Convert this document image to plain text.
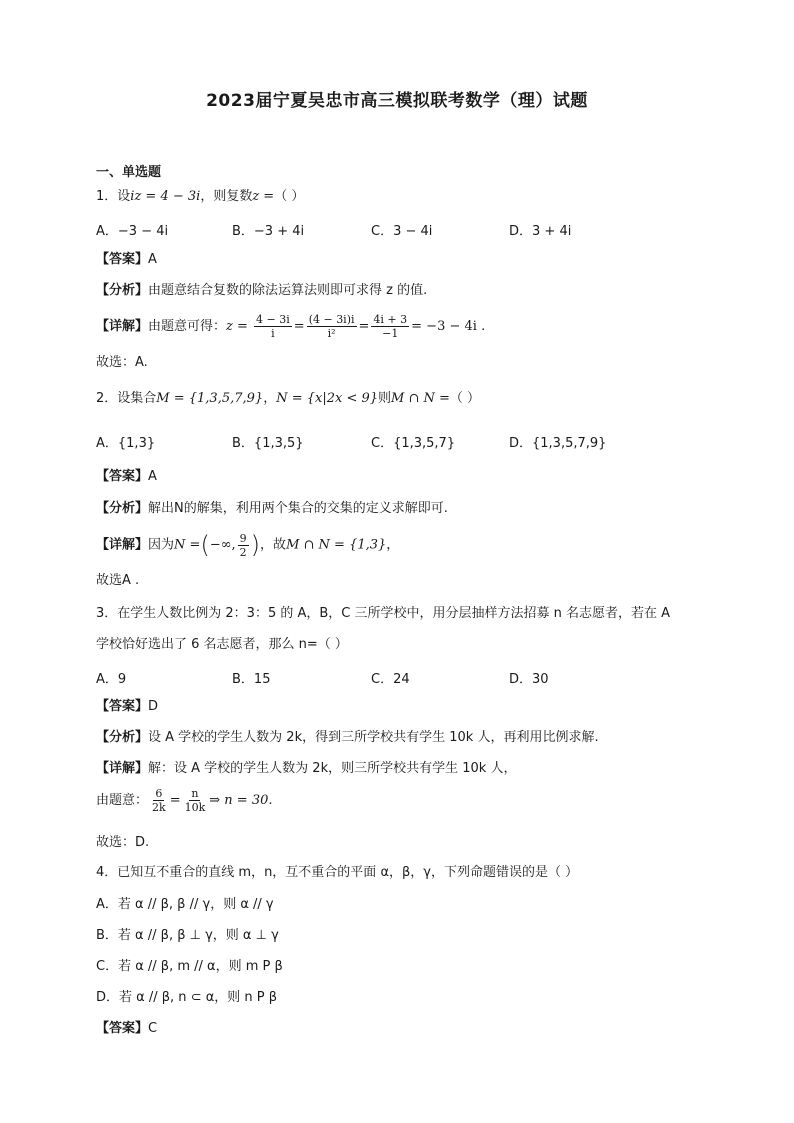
2023届宁夏吴忠市高三模拟联考数学（理）试题
一、单选题
1．设iz = 4 − 3i，则复数z =（ ）
A．−3 − 4i	B．−3 + 4i	C．3 − 4i	D．3 + 4i
【答案】A
【分析】由题意结合复数的除法运算法则即可求得 z 的值.
【详解】由题意可得：$z = \frac{4 - 3i}{i} = \frac{(4 - 3i)i}{\text{i²}} = \frac{4i + 3}{-1} = -3 - 4i$ .
故选：A.
2．设集合M = {1,3,5,7,9}，N = {x|2x < 9}则M ∩ N =（ ）
A．{1,3}	B．{1,3,5}	C．{1,3,5,7}	D．{1,3,5,7,9}
【答案】A
【分析】解出N的解集，利用两个集合的交集的定义求解即可.
【详解】因为N =(−∞, $\frac{9}{2}$ )，故M ∩ N = {1,3}，
故选A .
3．在学生人数比例为 2：3：5 的 A，B，C 三所学校中，用分层抽样方法招募 n 名志愿者，若在 A
学校恰好选出了 6 名志愿者，那么 n=（ ）
A．9	B．15	C．24	D．30
【答案】D
【分析】设 A 学校的学生人数为 2k，得到三所学校共有学生 10k 人，再利用比例求解.
【详解】解：设 A 学校的学生人数为 2k，则三所学校共有学生 10k 人，
由题意： $\frac{6}{2k} = \frac{n}{10k}$ ⇒ n = 30.
故选：D.
4．已知互不重合的直线 m，n，互不重合的平面 α，β，γ，下列命题错误的是（ ）
A．若 α // β, β // γ，则 α // γ
B．若 α // β, β ⊥ γ，则 α ⊥ γ
C．若 α // β, m // α，则 m P β
D．若 α // β, n ⊂ α，则 n P β
【答案】C
